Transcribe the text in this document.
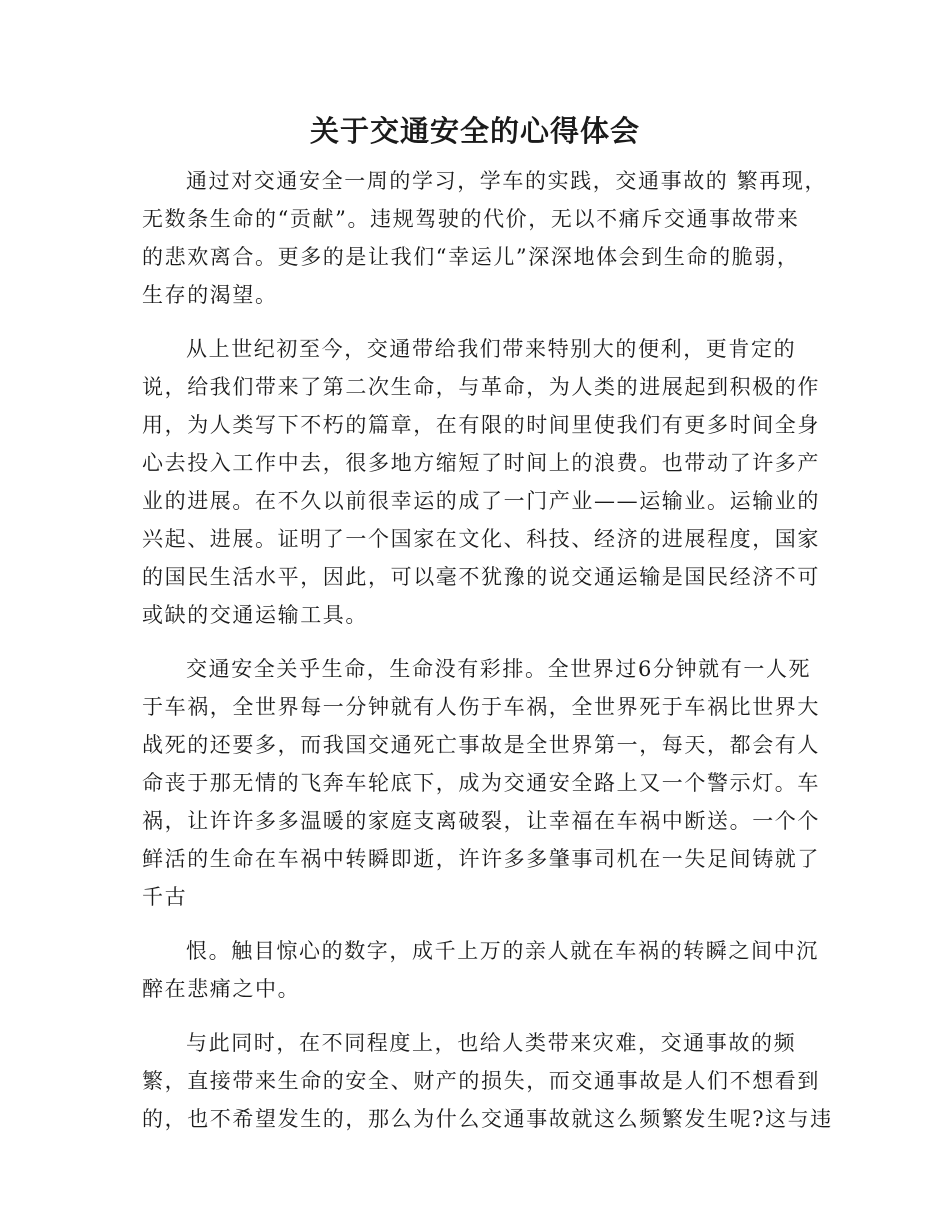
关于交通安全的心得体会
通过对交通安全一周的学习，学车的实践，交通事故的 繁再现，
无数条生命的“贡献”。违规驾驶的代价，无以不痛斥交通事故带来
的悲欢离合。更多的是让我们“幸运儿”深深地体会到生命的脆弱，
生存的渴望。
从上世纪初至今，交通带给我们带来特别大的便利，更肯定的
说，给我们带来了第二次生命，与革命，为人类的进展起到积极的作
用，为人类写下不朽的篇章，在有限的时间里使我们有更多时间全身
心去投入工作中去，很多地方缩短了时间上的浪费。也带动了许多产
业的进展。在不久以前很幸运的成了一门产业——运输业。运输业的
兴起、进展。证明了一个国家在文化、科技、经济的进展程度，国家
的国民生活水平，因此，可以毫不犹豫的说交通运输是国民经济不可
或缺的交通运输工具。
交通安全关乎生命，生命没有彩排。全世界过6分钟就有一人死
于车祸，全世界每一分钟就有人伤于车祸，全世界死于车祸比世界大
战死的还要多，而我国交通死亡事故是全世界第一，每天，都会有人
命丧于那无情的飞奔车轮底下，成为交通安全路上又一个警示灯。车
祸，让许许多多温暖的家庭支离破裂，让幸福在车祸中断送。一个个
鲜活的生命在车祸中转瞬即逝，许许多多肇事司机在一失足间铸就了
千古
恨。触目惊心的数字，成千上万的亲人就在车祸的转瞬之间中沉
醉在悲痛之中。
与此同时，在不同程度上，也给人类带来灾难，交通事故的频
繁，直接带来生命的安全、财产的损失，而交通事故是人们不想看到
的，也不希望发生的，那么为什么交通事故就这么频繁发生呢?这与违
